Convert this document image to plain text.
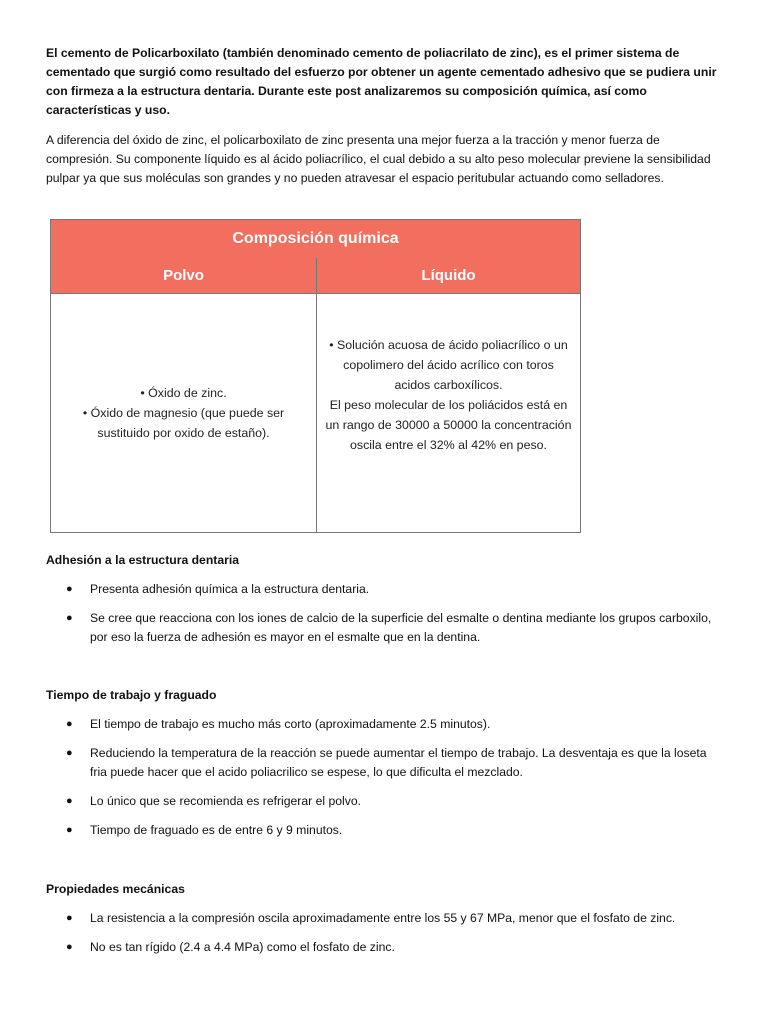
El cemento de Policarboxilato (también denominado cemento de poliacrilato de zinc), es el primer sistema de cementado que surgió como resultado del esfuerzo por obtener un agente cementado adhesivo que se pudiera unir con firmeza a la estructura dentaria. Durante este post analizaremos su composición química, así como características y uso.

A diferencia del óxido de zinc, el policarboxilato de zinc presenta una mejor fuerza a la tracción y menor fuerza de compresión. Su componente líquido es al ácido poliacrílico, el cual debido a su alto peso molecular previene la sensibilidad pulpar ya que sus moléculas son grandes y no pueden atravesar el espacio peritubular actuando como selladores.

Composición química
Polvo	Líquido
• Óxido de zinc.
• Óxido de magnesio (que puede ser sustituido por oxido de estaño).
• Solución acuosa de ácido poliacrílico o un copolimero del ácido acrílico con toros acidos carboxílicos.
El peso molecular de los poliácidos está en un rango de 30000 a 50000 la concentración oscila entre el 32% al 42% en peso.

Adhesión a la estructura dentaria

● Presenta adhesión química a la estructura dentaria.
● Se cree que reacciona con los iones de calcio de la superficie del esmalte o dentina mediante los grupos carboxilo, por eso la fuerza de adhesión es mayor en el esmalte que en la dentina.

Tiempo de trabajo y fraguado

● El tiempo de trabajo es mucho más corto (aproximadamente 2.5 minutos).
● Reduciendo la temperatura de la reacción se puede aumentar el tiempo de trabajo. La desventaja es que la loseta fria puede hacer que el acido poliacrilico se espese, lo que dificulta el mezclado.
● Lo único que se recomienda es refrigerar el polvo.
● Tiempo de fraguado es de entre 6 y 9 minutos.

Propiedades mecánicas

● La resistencia a la compresión oscila aproximadamente entre los 55 y 67 MPa, menor que el fosfato de zinc.
● No es tan rígido (2.4 a 4.4 MPa) como el fosfato de zinc.
